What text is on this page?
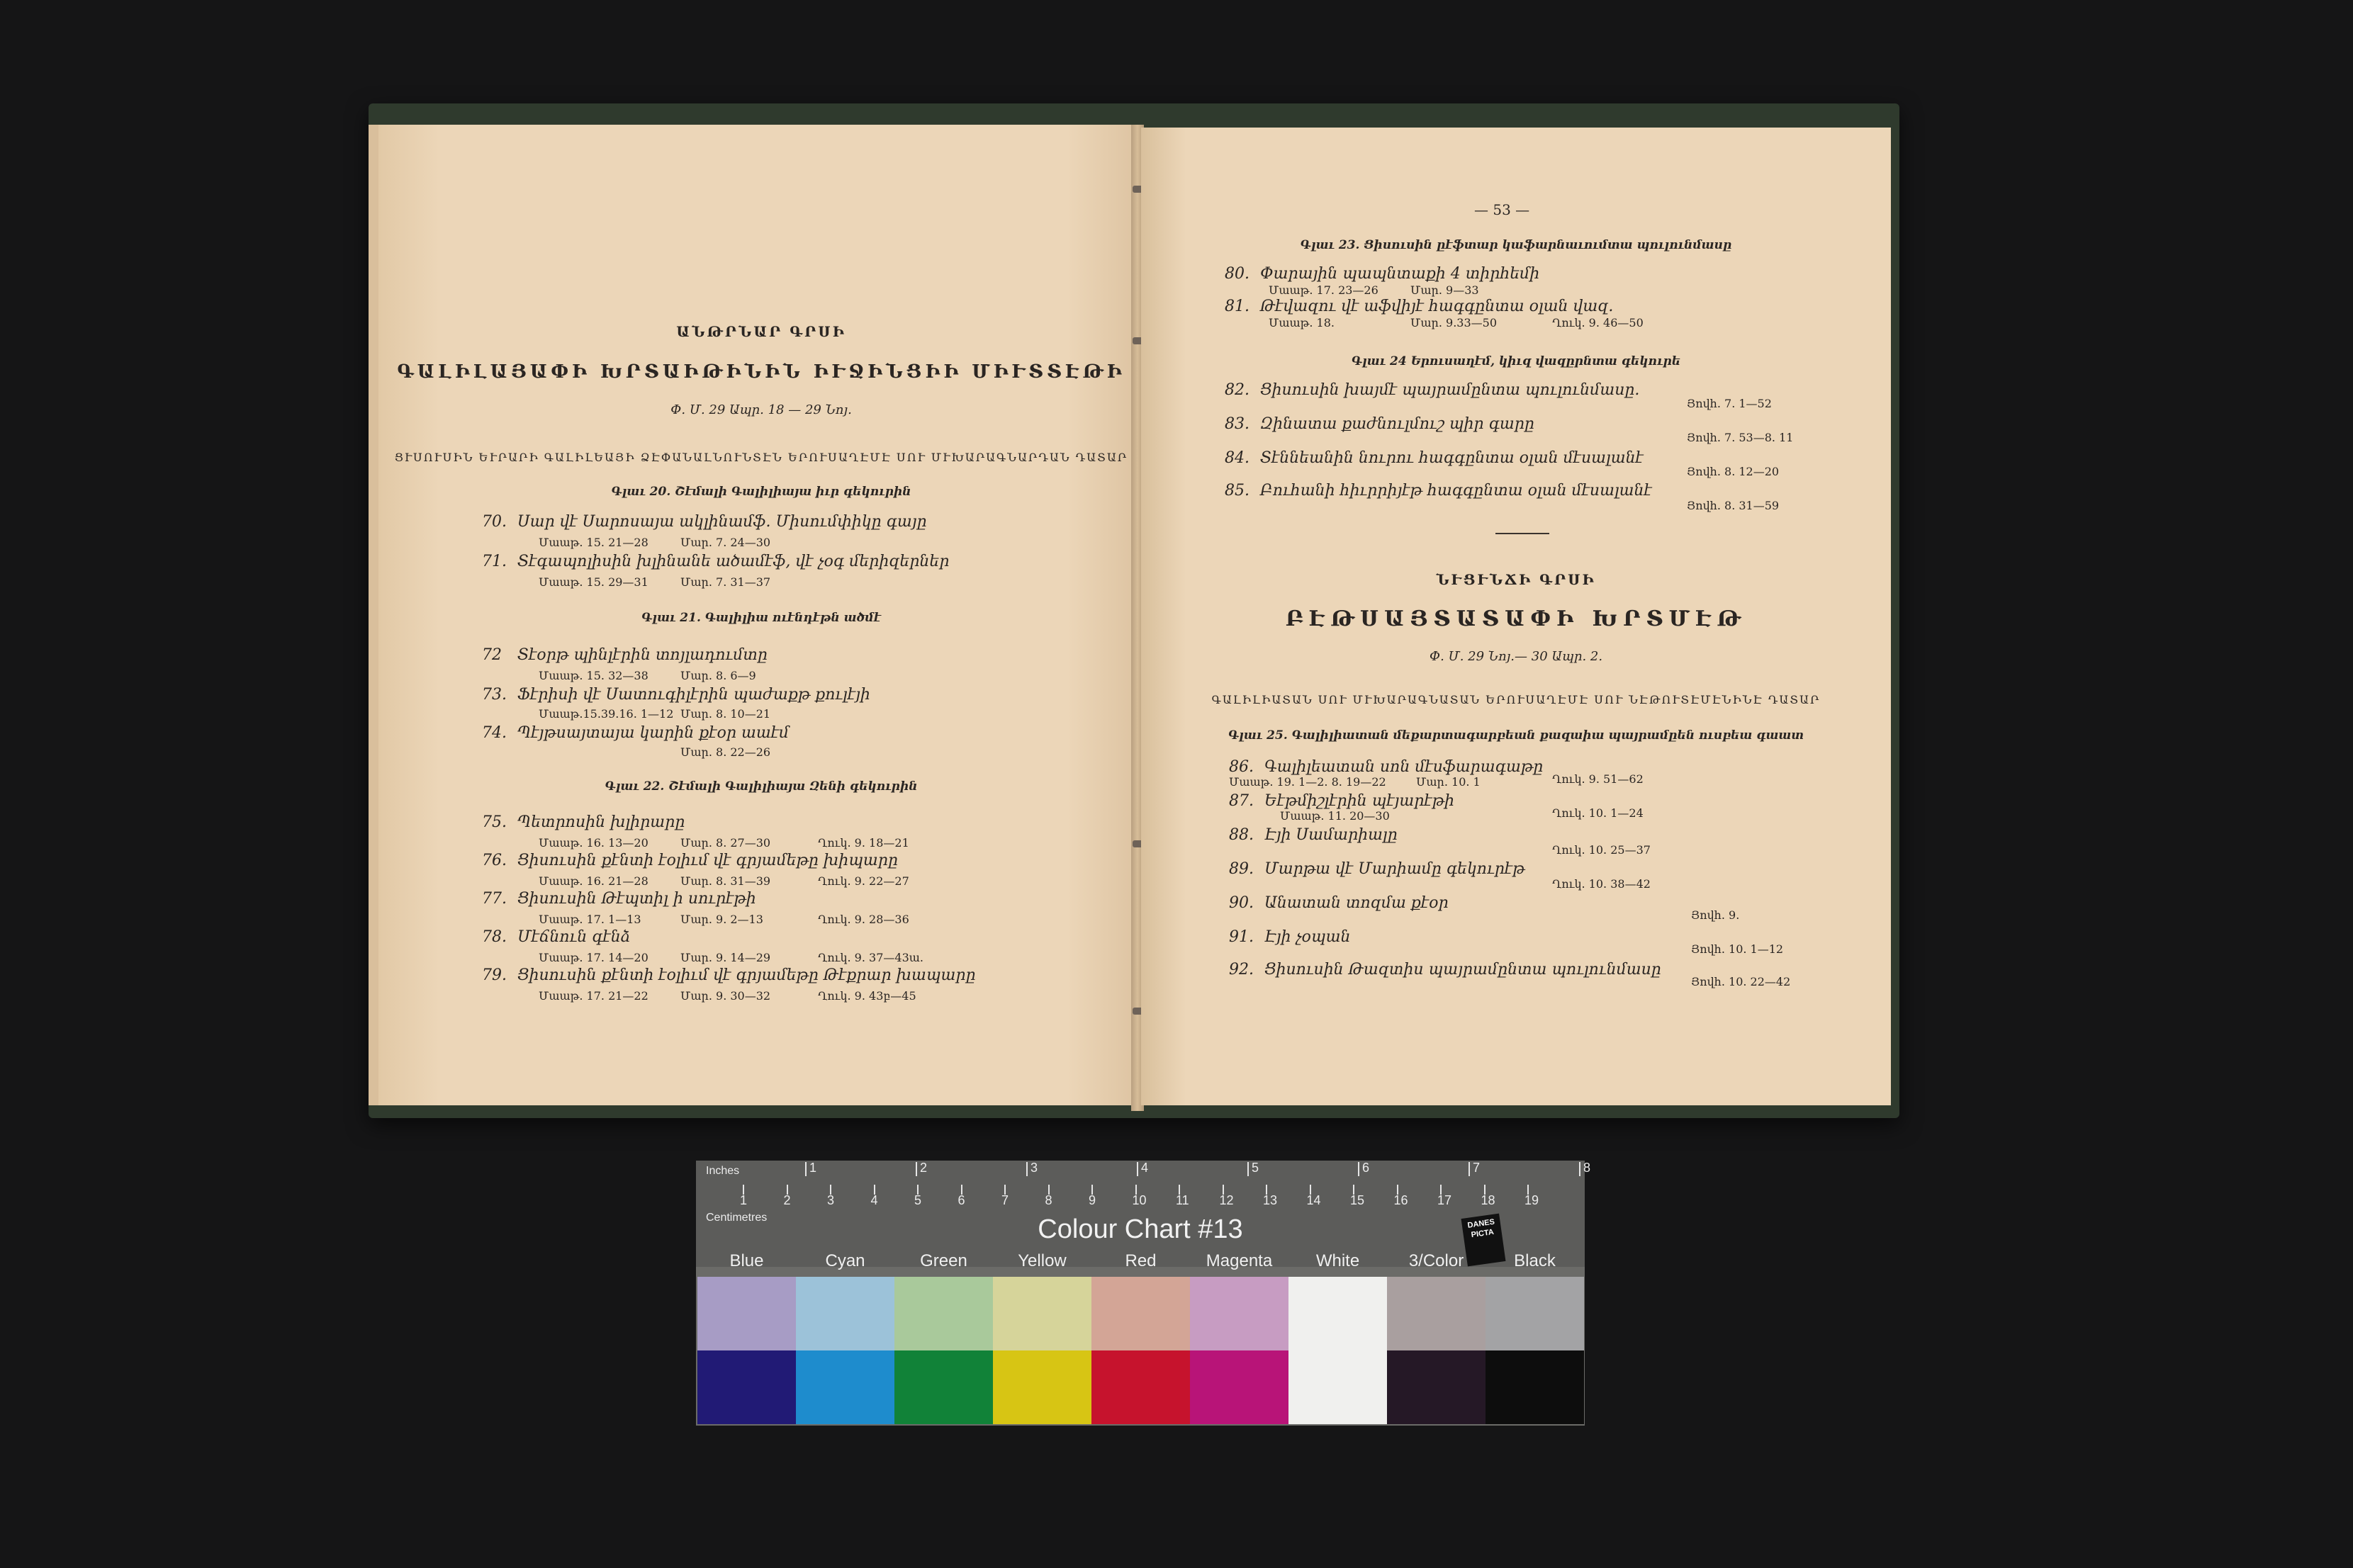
ԱՆԹՐՆԱՐ ԳՐՍԻ
ԳԱԼԻԼԱՅԱՓԻ ԽՐՏԱԻԹԻՆԻՆ ԻՒՋԻՆՑԻԻ ՄԻՒՏՏԷԹԻ
Փ. Մ. 29 Ապր. 18 — 29 Նոյ.
ՑՒՍՈՒՍԻՆ ԵՒՐԱՐԻ ԳԱԼԻԼԵԱՅԻ ՁԷՓԱՆԱԼՆՈՒՆՏԷՆ ԵՐՈՒՍԱՂԷՄԷ ՍՈՒ ՄՒԽԱՐԱԳՆԱՐԴԱՆ ԴԱՏԱՐ
Գլաւ 20. Շէմալի Գալիլիայա իւր գեկուրին
70. Սար վէ Սարոսայա ակլինամֆ. Միսումփիկը գայը
Մաաթ. 15. 21—28	Մար. 7. 24—30
71. Տէգապոլիսին խլինանե ածամէֆ, վէ չօգ մերիզերներ
Մաաթ. 15. 29—31	Մար. 7. 31—37
Գլաւ 21. Գալիլիա ուէնդէթն ածմէ
72 Տէօրթ պինլէրին տոյլադումտը
Մաաթ. 15. 32—38	Մար. 8. 6—9
73. Ֆէրիսի վէ Սատուգիլէրին պաժաքթ քուլէյի
Մաաթ.15.39.16. 1—12 Մար. 8. 10—21
74. Պէյթսայտայա կարին քէօր աաէմ
Մար. 8. 22—26
Գլաւ 22. Շէմալի Գալիլիայա Զենի գեկուրին
75. Պետրոսին խլիրարը
Մաաթ. 16. 13—20	Մար. 8. 27—30	Ղուկ. 9. 18—21
76. Ցիսուսին քէնտի էօլիւմ վէ գրյամեթը խիպարը
Մաաթ. 16. 21—28	Մար. 8. 31—39	Ղուկ. 9. 22—27
77. Ցիսուսին Թէպտիլ ի սուրէթի
Մաաթ. 17. 1—13	Մար. 9. 2—13	Ղուկ. 9. 28—36
78. Մէճնուն գէնձ
Մաաթ. 17. 14—20	Մար. 9. 14—29	Ղուկ. 9. 37—43ա.
79. Ցիսուսին քէնտի էօլիւմ վէ գրյամեթը Թէքրար խապարը
Մաաթ. 17. 21—22	Մար. 9. 30—32	Ղուկ. 9. 43բ—45
— 53 —
Գլաւ 23. Ցիսուսին ըէֆտար կաֆարնաւումտա պուլունմասը
80. Փարային պապնտաքի 4 տիրհեմի
Մաաթ. 17. 23—26	Մար. 9—33
81. Թէվազու վէ աֆվիյէ հագգընտա օլան վազ.
Մաաթ. 18.	Մար. 9.33—50	Ղուկ. 9. 46—50
Գլաւ 24 Երուսաղէմ, կիւզ վազըրնտա գեկուրե
82. Ցիսուսին խայմէ պայրամընտա պուլունմասը.
Յովհ. 7. 1—52
83. Զինատա քաժնուլմուշ պիր գարը
Յովհ. 7. 53—8. 11
84. Տէննեանին նուրու հագգընտա օլան մէսալանէ
Յովհ. 8. 12—20
85. Բուհանի հիւրրիյէթ հագգընտա օլան մէսալանէ
Յովհ. 8. 31—59
ՆՒՑՒՆՃԻ ԳՐՍԻ
ԲԷԹՍԱՅՏԱՏԱՓԻ ԽՐՏՄԷԹ
Փ. Մ. 29 Նոյ.— 30 Ապր. 2.
ԳԱԼԻԼԻԱՏԱՆ ՍՈՒ ՄՒԽԱՐԱԳՆԱՏԱՆ ԵՐՈՒՍԱՂԷՄԷ ՍՈՒ ՆԷԹՈՒՏԷՄԷՆԻՆԷ ԴԱՏԱՐ
Գլաւ 25. Գալիլիատան մեքարտագարբեան քազաիա պայրամըեն ուսբեա գաատ
86. Գալիլեատան սոն մէսֆարագաթը
Մաաթ. 19. 1—2. 8. 19—22	Մար. 10. 1	Ղուկ. 9. 51—62
87. Եէթմիշլէրին պէյարէթի
Մաաթ. 11. 20—30	Ղուկ. 10. 1—24
88. Էյի Սամարիալը
Ղուկ. 10. 25—37
89. Մարթա վէ Մարիամը գեկուրէթ
Ղուկ. 10. 38—42
90. Անատան տոզմա քէօր
Յովհ. 9.
91. Էյի չօպան
Յովհ. 10. 1—12
92. Ցիսուսին Թազտիս պայրամընտա պուլունմասը
Յովհ. 10. 22—42
Inches
Centimetres
1	2	3	4	5	6	7	8
1	2	3	4	5	6	7	8	9	10 11 12 13 14 15 16 17 18 19
Colour Chart #13	DANES PICTA
Blue	Cyan	Green	Yellow	Red	Magenta	White	3/Color	Black
